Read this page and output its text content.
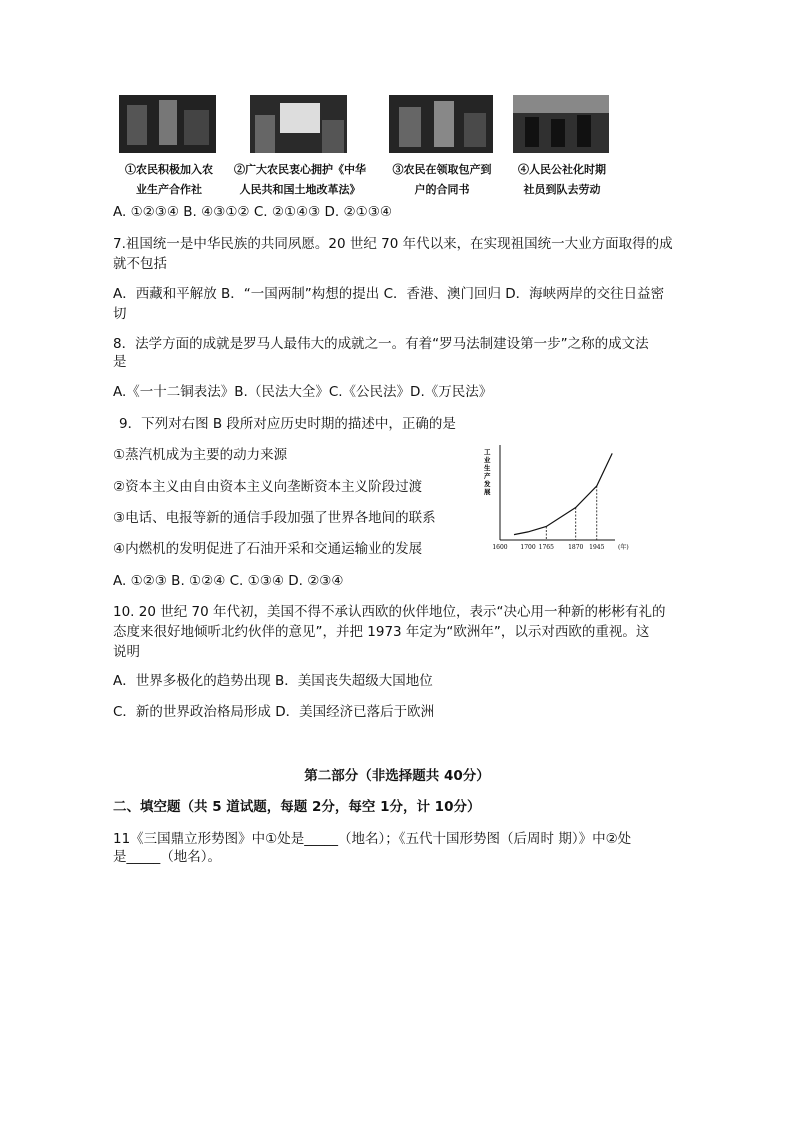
①农民积极加入农
业生产合作社
②广大农民衷心拥护《中华
人民共和国土地改革法》
③农民在领取包产到
户的合同书
④人民公社化时期
社员到队去劳动
A. ①②③④ B. ④③①② C. ②①④③ D. ②①③④
7.祖国统一是中华民族的共同夙愿。20 世纪 70 年代以来，在实现祖国统一大业方面取得的成
就不包括
A．西藏和平解放 B．“一国两制”构想的提出 C．香港、澳门回归 D．海峡两岸的交往日益密
切
8．法学方面的成就是罗马人最伟大的成就之一。有着“罗马法制建设第一步”之称的成文法
是
A.《一十二铜表法》B.（民法大全》C.《公民法》D.《万民法》
9．下列对右图 B 段所对应历史时期的描述中，正确的是
①蒸汽机成为主要的动力来源
②资本主义由自由资本主义向垄断资本主义阶段过渡
③电话、电报等新的通信手段加强了世界各地间的联系
④内燃机的发明促进了石油开采和交通运输业的发展
A. ①②③ B. ①②④ C. ①③④ D. ②③④
工
业
生
产
发
展
1600 1700 1765 1870 1945 (年)
10. 20 世纪 70 年代初，美国不得不承认西欧的伙伴地位，表示“决心用一种新的彬彬有礼的
态度来很好地倾听北约伙伴的意见”，并把 1973 年定为“欧洲年”，以示对西欧的重视。这
说明
A．世界多极化的趋势出现 B．美国丧失超级大国地位
C．新的世界政治格局形成 D．美国经济已落后于欧洲
第二部分（非选择题共 40分）
二、填空题（共 5 道试题，每题 2分，每空 1分，计 10分）
11《三国鼎立形势图》中①处是_____（地名）；《五代十国形势图（后周时 期）》中②处
是_____（地名）。
